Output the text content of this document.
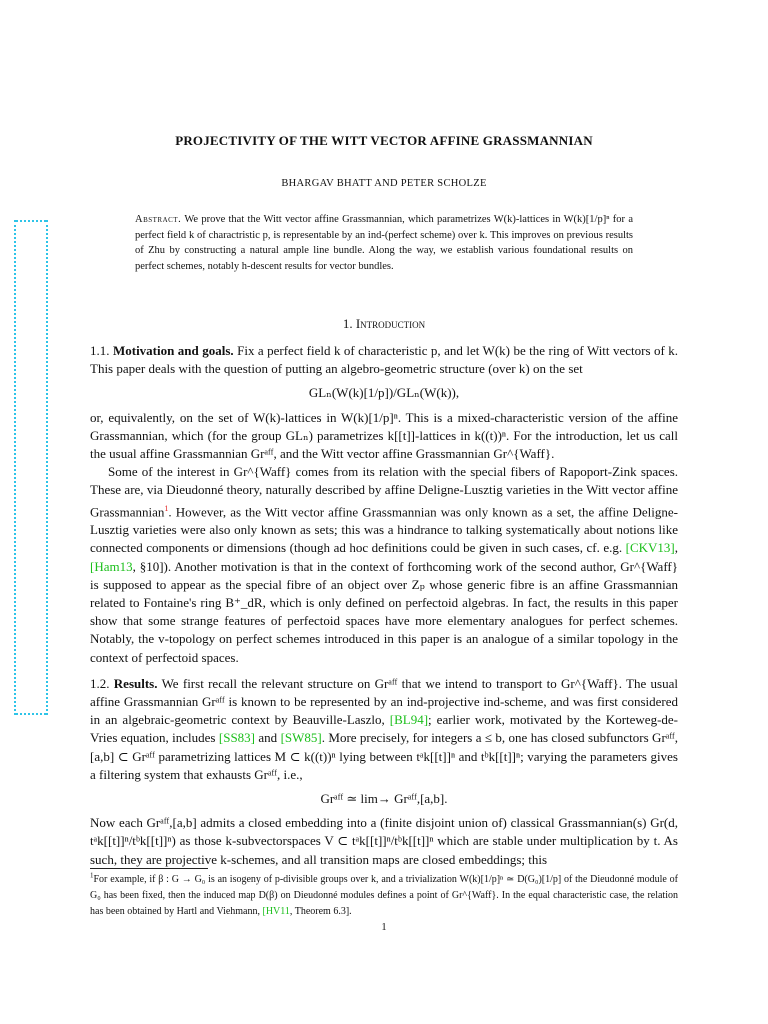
PROJECTIVITY OF THE WITT VECTOR AFFINE GRASSMANNIAN
BHARGAV BHATT AND PETER SCHOLZE
Abstract. We prove that the Witt vector affine Grassmannian, which parametrizes W(k)-lattices in W(k)[1/p]ⁿ for a perfect field k of charactristic p, is representable by an ind-(perfect scheme) over k. This improves on previous results of Zhu by constructing a natural ample line bundle. Along the way, we establish various foundational results on perfect schemes, notably h-descent results for vector bundles.
1. Introduction

1.1. Motivation and goals. Fix a perfect field k of characteristic p, and let W(k) be the ring of Witt vectors of k. This paper deals with the question of putting an algebro-geometric structure (over k) on the set

GLₙ(W(k)[1/p])/GLₙ(W(k)),

or, equivalently, on the set of W(k)-lattices in W(k)[1/p]ⁿ. This is a mixed-characteristic version of the affine Grassmannian, which (for the group GLₙ) parametrizes k[[t]]-lattices in k((t))ⁿ. For the introduction, let us call the usual affine Grassmannian Grᵃᶠᶠ, and the Witt vector affine Grassmannian Gr^{Waff}.

Some of the interest in Gr^{Waff} comes from its relation with the special fibers of Rapoport-Zink spaces. These are, via Dieudonné theory, naturally described by affine Deligne-Lusztig varieties in the Witt vector affine Grassmannian$^1$. However, as the Witt vector affine Grassmannian was only known as a set, the affine Deligne-Lusztig varieties were also only known as sets; this was a hindrance to talking systematically about notions like connected components or dimensions (though ad hoc definitions could be given in such cases, cf. e.g. [CKV13], [Ham13, §10]). Another motivation is that in the context of forthcoming work of the second author, Gr^{Waff} is supposed to appear as the special fibre of an object over Zₚ whose generic fibre is an affine Grassmannian related to Fontaine's ring B⁺_dR, which is only defined on perfectoid algebras. In fact, the results in this paper show that some strange features of perfectoid spaces have more elementary analogues for perfect schemes. Notably, the v-topology on perfect schemes introduced in this paper is an analogue of a similar topology in the context of perfectoid spaces.

1.2. Results. We first recall the relevant structure on Grᵃᶠᶠ that we intend to transport to Gr^{Waff}. The usual affine Grassmannian Grᵃᶠᶠ is known to be represented by an ind-projective ind-scheme, and was first considered in an algebraic-geometric context by Beauville-Laszlo, [BL94]; earlier work, motivated by the Korteweg-de-Vries equation, includes [SS83] and [SW85]. More precisely, for integers a ≤ b, one has closed subfunctors Grᵃᶠᶠ,[a,b] ⊂ Grᵃᶠᶠ parametrizing lattices M ⊂ k((t))ⁿ lying between tᵃk[[t]]ⁿ and tᵇk[[t]]ⁿ; varying the parameters gives a filtering system that exhausts Grᵃᶠᶠ, i.e.,

Grᵃᶠᶠ ≃ lim→ Grᵃᶠᶠ,[a,b].

Now each Grᵃᶠᶠ,[a,b] admits a closed embedding into a (finite disjoint union of) classical Grassmannian(s) Gr(d, tᵃk[[t]]ⁿ/tᵇk[[t]]ⁿ) as those k-subvectorspaces V ⊂ tᵃk[[t]]ⁿ/tᵇk[[t]]ⁿ which are stable under multiplication by t. As such, they are projective k-schemes, and all transition maps are closed embeddings; this

$^1$For example, if β : G → G₀ is an isogeny of p-divisible groups over k, and a trivialization W(k)[1/p]ⁿ ≃ D(G₀)[1/p] of the Dieudonné module of G₀ has been fixed, then the induced map D(β) on Dieudonné modules defines a point of Gr^{Waff}. In the equal characteristic case, the relation has been obtained by Hartl and Viehmann, [HV11, Theorem 6.3].
1
